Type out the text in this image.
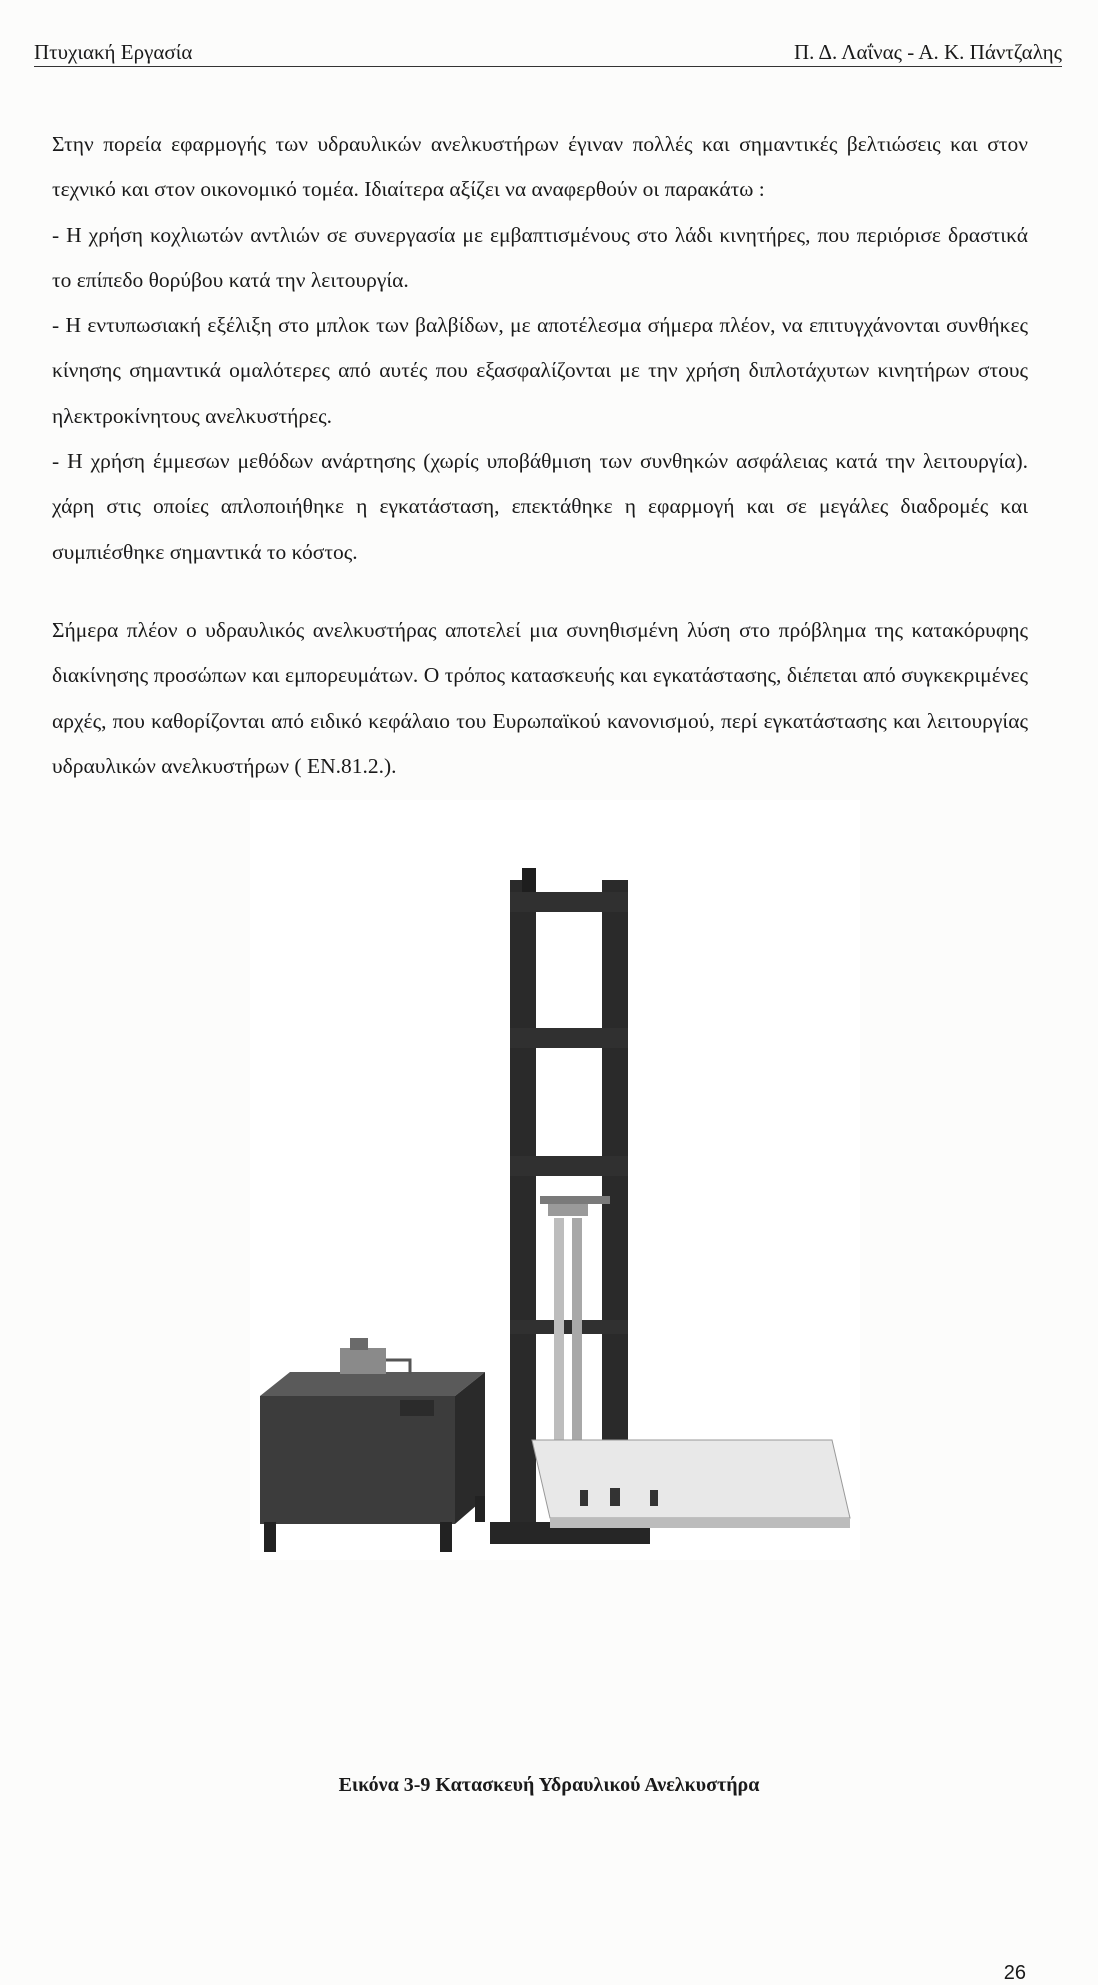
Πτυχιακή Εργασία	Π. Δ. Λαΐνας - Α. Κ. Πάντζαλης

Στην πορεία εφαρμογής των υδραυλικών ανελκυστήρων έγιναν πολλές και σημαντικές βελτιώσεις και στον τεχνικό και στον οικονομικό τομέα. Ιδιαίτερα αξίζει να αναφερθούν οι παρακάτω :

- Η χρήση κοχλιωτών αντλιών σε συνεργασία με εμβαπτισμένους στο λάδι κινητήρες, που περιόρισε δραστικά το επίπεδο θορύβου κατά την λειτουργία.

- Η εντυπωσιακή εξέλιξη στο μπλοκ των βαλβίδων, με αποτέλεσμα σήμερα πλέον, να επιτυγχάνονται συνθήκες κίνησης σημαντικά ομαλότερες από αυτές που εξασφαλίζονται με την χρήση διπλοτάχυτων κινητήρων στους ηλεκτροκίνητους ανελκυστήρες.

- Η χρήση έμμεσων μεθόδων ανάρτησης (χωρίς υποβάθμιση των συνθηκών ασφάλειας κατά την λειτουργία). χάρη στις οποίες απλοποιήθηκε η εγκατάσταση, επεκτάθηκε η εφαρμογή και σε μεγάλες διαδρομές και συμπιέσθηκε σημαντικά το κόστος.

Σήμερα πλέον ο υδραυλικός ανελκυστήρας αποτελεί μια συνηθισμένη λύση στο πρόβλημα της κατακόρυφης διακίνησης προσώπων και εμπορευμάτων. Ο τρόπος κατασκευής και εγκατάστασης, διέπεται από συγκεκριμένες αρχές, που καθορίζονται από ειδικό κεφάλαιο του Ευρωπαϊκού κανονισμού, περί εγκατάστασης και λειτουργίας υδραυλικών ανελκυστήρων ( EN.81.2.).

Εικόνα 3-9 Κατασκευή Υδραυλικού Ανελκυστήρα
26
